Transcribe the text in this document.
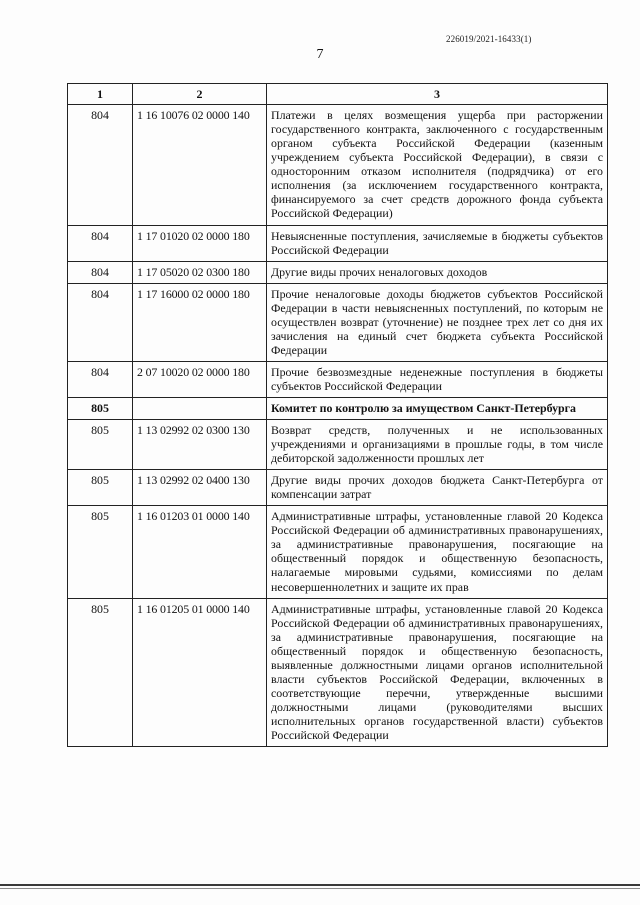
226019/2021-16433(1)
7
1	2	3
804	1 16 10076 02 0000 140	Платежи в целях возмещения ущерба при расторжении государственного контракта, заключенного с государственным органом субъекта Российской Федерации (казенным учреждением субъекта Российской Федерации), в связи с односторонним отказом исполнителя (подрядчика) от его исполнения (за исключением государственного контракта, финансируемого за счет средств дорожного фонда субъекта Российской Федерации)
804	1 17 01020 02 0000 180	Невыясненные поступления, зачисляемые в бюджеты субъектов Российской Федерации
804	1 17 05020 02 0300 180	Другие виды прочих неналоговых доходов
804	1 17 16000 02 0000 180	Прочие неналоговые доходы бюджетов субъектов Российской Федерации в части невыясненных поступлений, по которым не осуществлен возврат (уточнение) не позднее трех лет со дня их зачисления на единый счет бюджета субъекта Российской Федерации
804	2 07 10020 02 0000 180	Прочие безвозмездные неденежные поступления в бюджеты субъектов Российской Федерации
805		Комитет по контролю за имуществом Санкт-Петербурга
805	1 13 02992 02 0300 130	Возврат средств, полученных и не использованных учреждениями и организациями в прошлые годы, в том числе дебиторской задолженности прошлых лет
805	1 13 02992 02 0400 130	Другие виды прочих доходов бюджета Санкт-Петербурга от компенсации затрат
805	1 16 01203 01 0000 140	Административные штрафы, установленные главой 20 Кодекса Российской Федерации об административных правонарушениях, за административные правонарушения, посягающие на общественный порядок и общественную безопасность, налагаемые мировыми судьями, комиссиями по делам несовершеннолетних и защите их прав
805	1 16 01205 01 0000 140	Административные штрафы, установленные главой 20 Кодекса Российской Федерации об административных правонарушениях, за административные правонарушения, посягающие на общественный порядок и общественную безопасность, выявленные должностными лицами органов исполнительной власти субъектов Российской Федерации, включенных в соответствующие перечни, утвержденные высшими должностными лицами (руководителями высших исполнительных органов государственной власти) субъектов Российской Федерации
